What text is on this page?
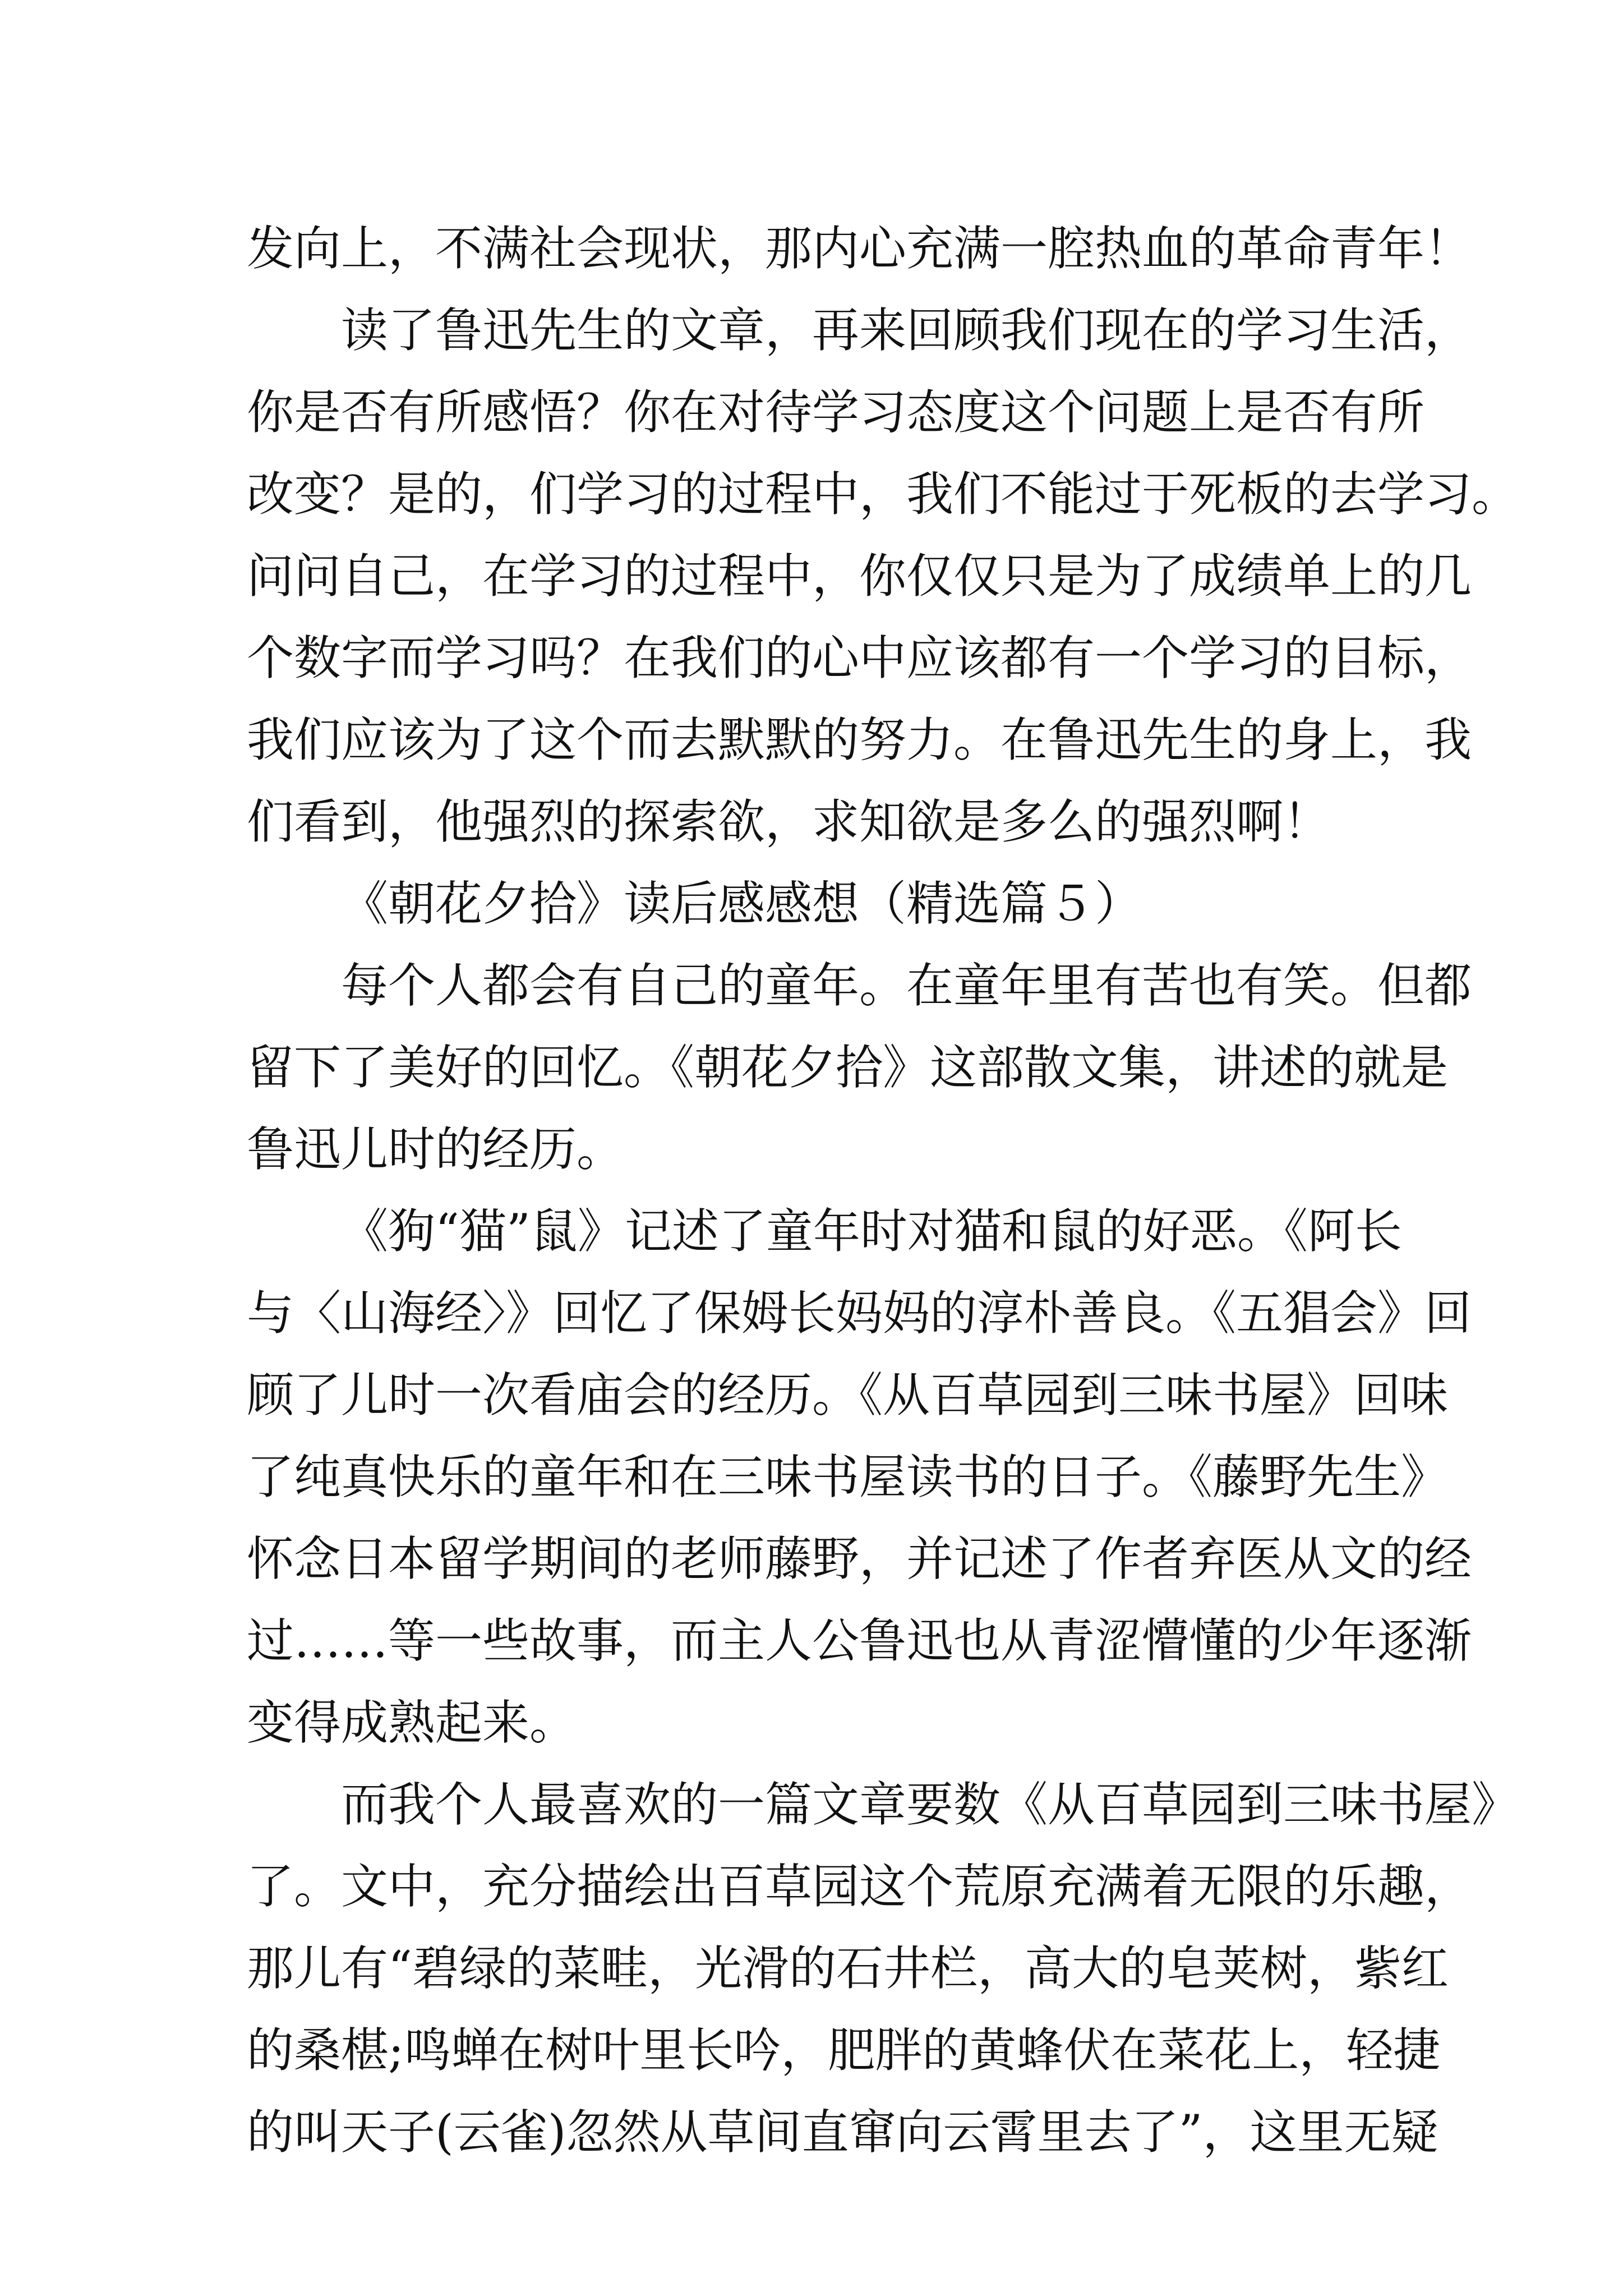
发向上，不满社会现状，那内心充满一腔热血的革命青年！
读了鲁迅先生的文章，再来回顾我们现在的学习生活，
你是否有所感悟？你在对待学习态度这个问题上是否有所
改变？是的，们学习的过程中，我们不能过于死板的去学习。
问问自己，在学习的过程中，你仅仅只是为了成绩单上的几
个数字而学习吗？在我们的心中应该都有一个学习的目标，
我们应该为了这个而去默默的努力。在鲁迅先生的身上，我
们看到，他强烈的探索欲，求知欲是多么的强烈啊！
《朝花夕拾》读后感感想（精选篇５）
每个人都会有自己的童年。在童年里有苦也有笑。但都
留下了美好的回忆。《朝花夕拾》这部散文集，讲述的就是
鲁迅儿时的经历。
《狗“猫”鼠》记述了童年时对猫和鼠的好恶。《阿长
与〈山海经〉》回忆了保姆长妈妈的淳朴善良。《五猖会》回
顾了儿时一次看庙会的经历。《从百草园到三味书屋》回味
了纯真快乐的童年和在三味书屋读书的日子。《藤野先生》
怀念日本留学期间的老师藤野，并记述了作者弃医从文的经
过……等一些故事，而主人公鲁迅也从青涩懵懂的少年逐渐
变得成熟起来。
而我个人最喜欢的一篇文章要数《从百草园到三味书屋》
了。文中，充分描绘出百草园这个荒原充满着无限的乐趣，
那儿有“碧绿的菜畦，光滑的石井栏，高大的皂荚树，紫红
的桑椹;鸣蝉在树叶里长吟，肥胖的黄蜂伏在菜花上，轻捷
的叫天子(云雀)忽然从草间直窜向云霄里去了”，这里无疑
